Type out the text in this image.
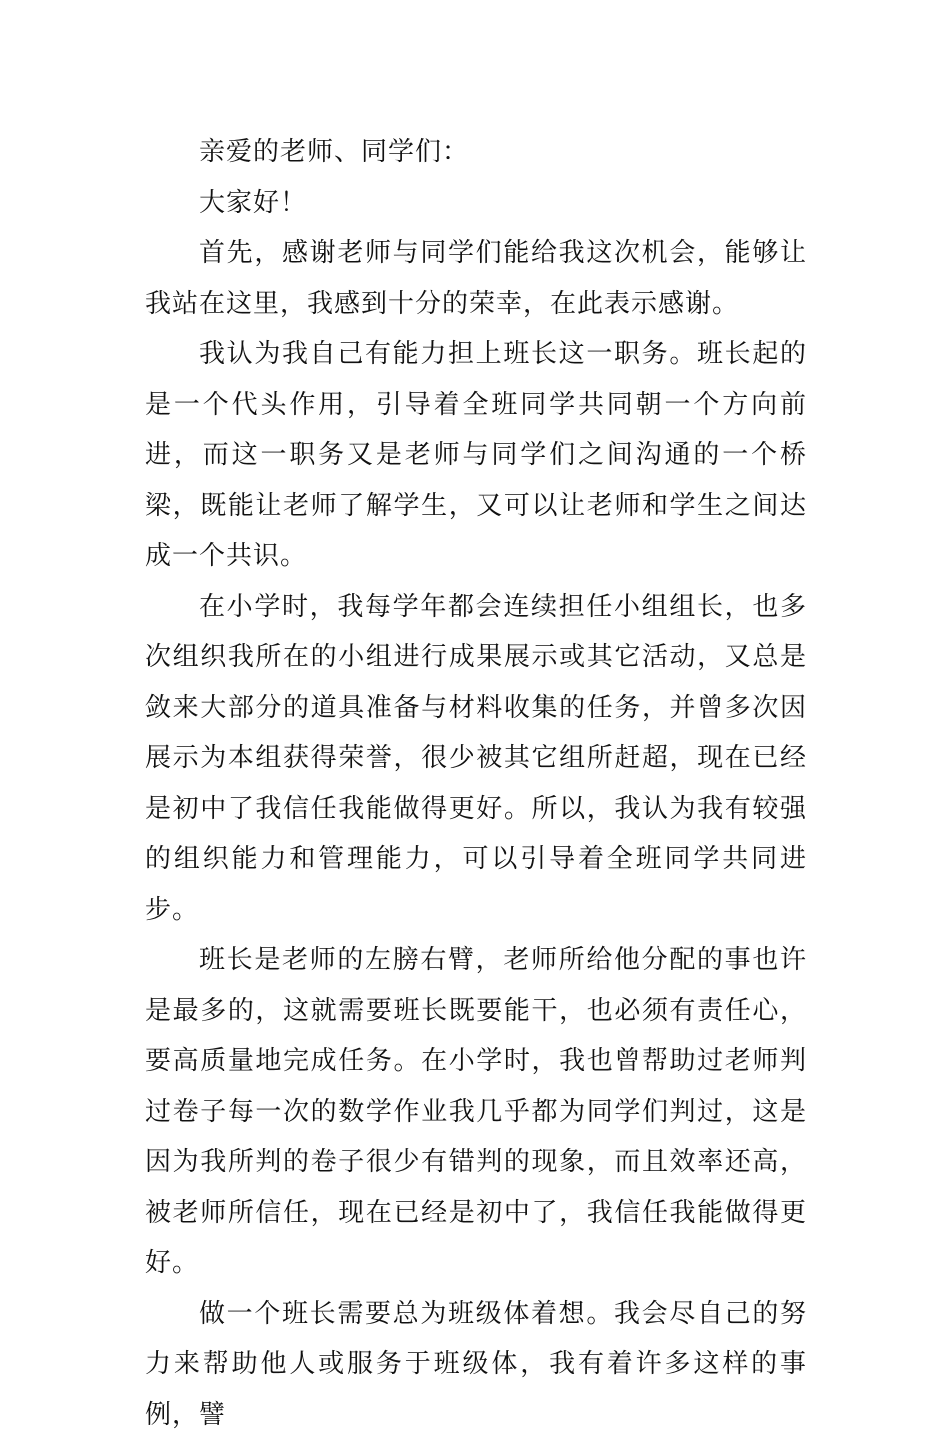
亲爱的老师、同学们：

大家好！

首先，感谢老师与同学们能给我这次机会，能够让我站在这里，我感到十分的荣幸，在此表示感谢。

我认为我自己有能力担上班长这一职务。班长起的是一个代头作用，引导着全班同学共同朝一个方向前进，而这一职务又是老师与同学们之间沟通的一个桥梁，既能让老师了解学生，又可以让老师和学生之间达成一个共识。

在小学时，我每学年都会连续担任小组组长，也多次组织我所在的小组进行成果展示或其它活动，又总是敛来大部分的道具准备与材料收集的任务，并曾多次因展示为本组获得荣誉，很少被其它组所赶超，现在已经是初中了我信任我能做得更好。所以，我认为我有较强的组织能力和管理能力，可以引导着全班同学共同进步。

班长是老师的左膀右臂，老师所给他分配的事也许是最多的，这就需要班长既要能干，也必须有责任心，要高质量地完成任务。在小学时，我也曾帮助过老师判过卷子每一次的数学作业我几乎都为同学们判过，这是因为我所判的卷子很少有错判的现象，而且效率还高，被老师所信任，现在已经是初中了，我信任我能做得更好。

做一个班长需要总为班级体着想。我会尽自己的努力来帮助他人或服务于班级体，我有着许多这样的事例，譬
